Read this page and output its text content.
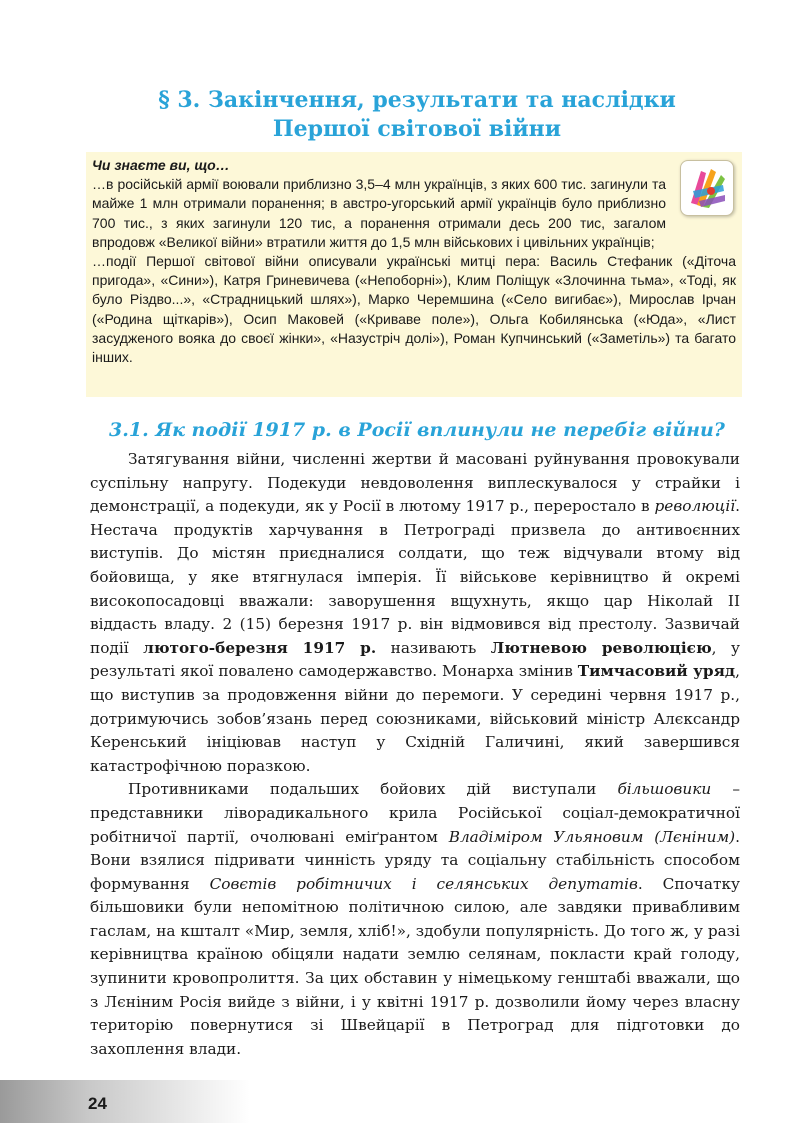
§ 3. Закінчення, результати та наслідки
Першої світової війни
Чи знаєте ви, що…

…в російській армії воювали приблизно 3,5–4 млн українців, з яких 600 тис. загинули та майже 1 млн отримали поранення; в австро-угорський армії українців було приблизно 700 тис., з яких загинули 120 тис, а поранення отримали десь 200 тис, загалом впродовж «Великої війни» втратили життя до 1,5 млн військових і цивільних українців;

…події Першої світової війни описували українські митці пера: Василь Стефаник («Діточа пригода», «Сини»), Катря Гриневичева («Непоборні»), Клим Поліщук «Злочинна тьма», «Тоді, як було Різдво...», «Страдницький шлях»), Марко Черемшина («Село вигибає»), Мирослав Ірчан («Родина щіткарів»), Осип Маковей («Криваве поле»), Ольга Кобилянська («Юда», «Лист засудженого вояка до своєї жінки», «Назустріч долі»), Роман Купчинський («Заметіль») та багато інших.

3.1. Як події 1917 р. в Росії вплинули не перебіг війни?

Затягування війни, численні жертви й масовані руйнування провокували суспільну напругу. Подекуди невдоволення виплескувалося у страйки і демонстрації, а подекуди, як у Росії в лютому 1917 р., переростало в революції. Нестача продуктів харчування в Петрограді призвела до антивоєнних виступів. До містян приєдналися солдати, що теж відчували втому від бойовища, у яке втягнулася імперія. Її військове керівництво й окремі високопосадовці вважали: заворушення вщухнуть, якщо цар Ніколай ІІ віддасть владу. 2 (15) березня 1917 р. він відмовився від престолу. Зазвичай події лютого-березня 1917 р. називають Лютневою революцією, у результаті якої повалено самодержавство. Монарха змінив Тимчасовий уряд, що виступив за продовження війни до перемоги. У середині червня 1917 р., дотримуючись зобов’язань перед союзниками, військовий міністр Алєксандр Керенський ініціював наступ у Східній Галичині, який завершився катастрофічною поразкою.

Противниками подальших бойових дій виступали більшовики – представники ліворадикального крила Російської соціал-демократичної робітничої партії, очолювані еміґрантом Владіміром Ульяновим (Лєніним). Вони взялися підривати чинність уряду та соціальну стабільність способом формування Совєтів робітничих і селянських депутатів. Спочатку більшовики були непомітною політичною силою, але завдяки привабливим гаслам, на кшталт «Мир, земля, хліб!», здобули популярність. До того ж, у разі керівництва країною обіцяли надати землю селянам, покласти край голоду, зупинити кровопролиття. За цих обставин у німецькому генштабі вважали, що з Лєніним Росія вийде з війни, і у квітні 1917 р. дозволили йому через власну територію повернутися зі Швейцарії в Петроград для підготовки до захоплення влади.

24
